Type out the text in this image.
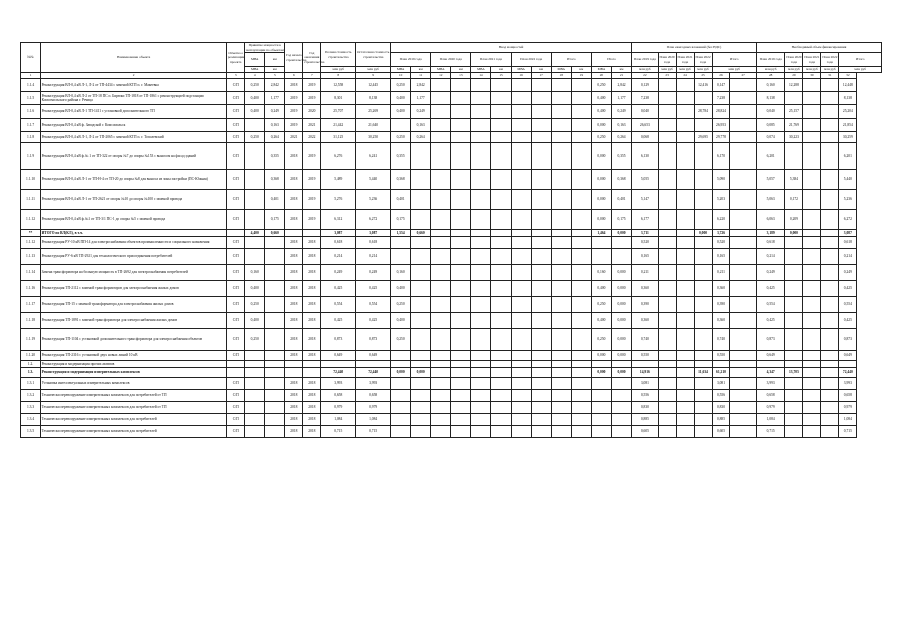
№№	Наименование объекта	Отметка о реализации проекта	Принятие мощности к эксплуатации по объектам		Год начала строительства	Год окончания строительства	Полная стоимость строительства	Остаточная стоимость строительства	Ввод мощностей												План ежегодных вложений (без НДС)						Необходимый объем финансирования				
			МВА	км					План 2019 года		План 2020 года		План 2021 года		План 2022 года		Итого		Итого		План 2019 года	План 2020 года	План 2021 года	План 2022 года	Итого		План 2019 года	План 2020 года	План 2021 года	План 2022 года	Итого
			МВА	км			млн руб	млн руб	МВА	км	МВА	км	МВА	км	МВА	км	МВА	км	МВА	км	млн руб	млн руб	млн руб	млн руб	млн руб		млн руб	млн руб	млн руб	млн руб	млн руб
1	2	3	4	5	6	7	8	9	10	11	12	13	14	15	16	17	18	19	20	21	22	23	24	25	26	27	28	29	30	31	32
1.1.4	Реконструкция ВЛ-0,4 кВ Л-1, Л-2 от ТП-4434 с заменой КТП п. г. Макеевка	С/П	0,250	2,842	2018	2019	12,558	12,445	0,250	2,842									0,250	2,842	0,129			12,416	0,147		0,160	12,288			12,448
1.1.5	Реконструкция ВЛ-0,4 кВ Л-2 от ТП-18 ПС п. Бирюки ТП-1818 от ТП-1861 с реконструкцией подстанции Комсомольского района г. Речица	С/П	0,400	1,177	2019	2019	8,301	8,138	0,400	1,177									0,400	1,177	7,238				7,238		8,138				8,138
1.1.6	Реконструкция ВЛ-0,4 кВ Л-1 ТП-1411 с установкой дополнительного ТП	С/П	0,400	0,249	2019	2020	25,707	25,269	0,400	0,249									0,400	0,249	0,040			28,784	28,824		0,040	25,157			25,204
1.1.7	Реконструкция ВЛ-0,4 кВ ф. Заводской г. Комсомольск	С/П		0,163	2019	2021	21,442	21,640		0,163									0,000	0,163	26,653				26,953		0,085	21,769			21,854
1.1.8	Реконструкция ВЛ-0,4 кВ Л-1, Л-2 от ТП-2065 с заменой КТП п. г. Тополевский	С/П	0,250	0,264	2021	2022	31,125	30,250	0,250	0,264									0,250	0,264	0,068			29,695	29,778		0,074	30,223			30,259
1.1.9	Реконструкция ВЛ-0,4 кВ ф.№ 1 от ТП-322 от опоры №7 до опоры №153 с выносом на фасад зданий	С/П		0,355	2018	2019	6,276	6,241	0,355										0,000	0,355	6,130				6,170		6,201				6,201
1.1.10	Реконструкция ВЛ-0,4 кВ Л-1 от ТП-Н-4 от ТП-20 до опоры №8 для выноса из зоны застройки (ПС-Южная)	С/П		0,368	2018	2019	5,489	5,440	0,368										0,000	0,368	5,055				5,090		5,057	5,384			5,440
1.1.11	Реконструкция ВЛ-0,4 кВ Л-1 от ТП-2621 от опоры №10 до опоры №100 с заменой провода	С/П		0,401	2018	2019	5,276	5,236	0,401										0,000	0,401	5,147				5,203		5,063	0,172			5,236
1.1.12	Реконструкция ВЛ-0,4 кВ ф.№1 от ТП-3/1 ПС-1 до опоры №5 с заменой провода	С/П		0,175	2018	2019	6,312	6,272	0,175										0,000	0,175	6,177				6,220		6,063	0,209			6,272
**	ИТОГО по ВЛ(КЛ), в т.ч.		4,400	0,660			3,087	3,087	1,554	0,660									1,464	0,000	3,711			0,000	3,726		3,189	0,000			3,087
1.1.12	Реконструкция РУ-10 кВ ПП-14 для электроснабжения объектов промышленности и социального назначения	С/П			2018	2018	0,618	0,618													0,520				0,520		0,618				0,618
1.1.13	Реконструкция РУ-6 кВ ТП-2921 для технологического присоединения потребителей	С/П			2018	2018	0,214	0,214													0,165				0,165		0,214				0,214
1.1.14	Замена трансформатора на большую мощность в ТП-2692 для электроснабжения потребителей	С/П	0,160		2018	2018	0,249	0,249	0,160										0,160	0,000	0,211				0,211		0,249				0,249
1.1.16	Реконструкция ТП-2112 с заменой трансформаторов для электроснабжения жилых домов	С/П	0,400		2018	2018	0,425	0,425	0,400										0,400	0,000	0,360				0,360		0,425				0,425
1.1.17	Реконструкция ТП-15 с заменой трансформатора для электроснабжения жилых домов	С/П	0,250		2018	2018	0,554	0,554	0,250										0,250	0,000	0,390				0,390		0,554				0,554
1.1.18	Реконструкция ТП-1891 с заменой трансформатора для электроснабжения жилых домов	С/П	0,400		2018	2018	0,425	0,425	0,400										0,400	0,000	0,360				0,360		0,425				0,425
1.1.19	Реконструкция ТП-1104 с установкой дополнительного трансформатора для электроснабжения объектов	С/П	0,250		2018	2018	0,873	0,873	0,250										0,250	0,000	0,740				0,740		0,873				0,873
1.1.20	Реконструкция ТП-2316 с установкой двух новых линий 10 кВ	С/П			2018	2018	0,649	0,649											0,000	0,000	0,550				0,550		0,649				0,649
1.2.	Реконструкция и модернизация прочих активов																														
1.3.	Реконструкция и модернизация измерительных комплексов						72,440	72,440	0,000	0,000									0,000	0,000	14,916			11,634	61,210		4,347	13,705			72,440
1.3.1	Установка интеллектуальных измерительных комплексов	С/П			2018	2018	3,993	3,993													3,081				3,081		3,993				3,993
1.3.2	Технически перевооружение измерительных комплексов для потребителей от ТП	С/П			2018	2018	0,658	0,658													0,556				0,556		0,658				0,658
1.3.3	Технически перевооружение измерительных комплексов для потребителей от ТП	С/П			2018	2018	0,979	0,979													0,830				0,830		0,979				0,979
1.3.4	Технически перевооружение измерительных комплексов для потребителей	С/П			2018	2018	1,084	1,084													0,885				0,885		1,084				1,084
1.3.5	Технически перевооружение измерительных комплексов для потребителей	С/П			2018	2018	0,715	0,715													0,605				0,605		0,715				0,715
